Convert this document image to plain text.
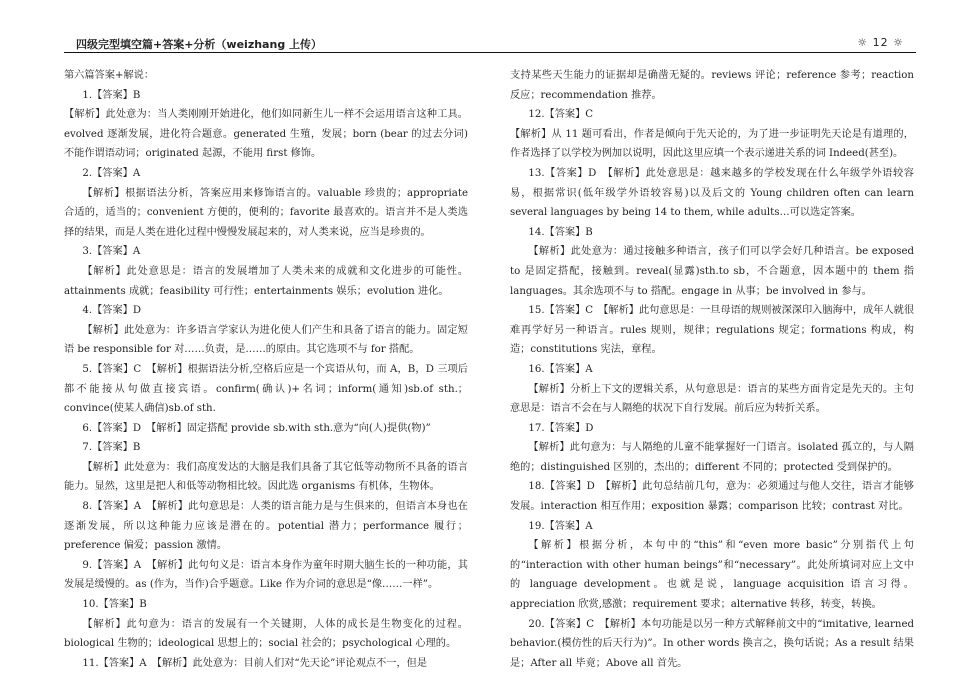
四级完型填空篇+答案+分析（weizhang 上传）	☼ 12 ☼

第六篇答案+解说：

1.【答案】B

【解析】此处意为：当人类刚刚开始进化，他们如同新生儿一样不会运用语言这种工具。evolved 逐渐发展，进化符合题意。generated 生殖，发展；born (bear 的过去分词)不能作谓语动词；originated 起源，不能用 first 修饰。

2.【答案】A

【解析】根据语法分析，答案应用来修饰语言的。valuable 珍贵的；appropriate 合适的，适当的；convenient 方便的，便利的；favorite 最喜欢的。语言并不是人类选择的结果，而是人类在进化过程中慢慢发展起来的，对人类来说，应当是珍贵的。

3.【答案】A

【解析】此处意思是：语言的发展增加了人类未来的成就和文化进步的可能性。attainments 成就；feasibility 可行性；entertainments 娱乐；evolution 进化。

4.【答案】D

【解析】此处意为：许多语言学家认为进化使人们产生和具备了语言的能力。固定短语 be responsible for 对……负责，是……的原由。其它选项不与 for 搭配。

5.【答案】C　【解析】根据语法分析,空格后应是一个宾语从句，而 A，B，D 三项后都不能接从句做直接宾语。confirm(确认)+名词；inform(通知)sb.of sth.；convince(使某人确信)sb.of sth.

6.【答案】D　【解析】固定搭配 provide sb.with sth.意为“向(人)提供(物)”

7.【答案】B

【解析】此处意为：我们高度发达的大脑是我们具备了其它低等动物所不具备的语言能力。显然，这里是把人和低等动物相比较。因此选 organisms 有机体，生物体。

8.【答案】A　【解析】此句意思是：人类的语言能力是与生俱来的，但语言本身也在逐渐发展，所以这种能力应该是潜在的。potential 潜力；performance 履行；preference 偏爱；passion 激情。

9.【答案】A　【解析】此句句义是：语言本身作为童年时期大脑生长的一种功能，其发展是缓慢的。as (作为，当作)合乎题意。Like 作为介词的意思是“像……一样”。

10.【答案】B

【解析】此句意为：语言的发展有一个关键期，人体的成长是生物变化的过程。biological 生物的；ideological 思想上的；social 社会的；psychological 心理的。

11.【答案】A　【解析】此处意为：目前人们对“先天论”评论观点不一，但是

支持某些天生能力的证据却是确凿无疑的。reviews 评论；reference 参考；reaction 反应；recommendation 推荐。

12.【答案】C

【解析】从 11 题可看出，作者是倾向于先天论的，为了进一步证明先天论是有道理的，作者选择了以学校为例加以说明，因此这里应填一个表示递进关系的词 Indeed(甚至)。

13.【答案】D　【解析】此处意思是：越来越多的学校发现在什么年级学外语较容易，根据常识(低年级学外语较容易)以及后文的 Young children often can learn several languages by being 14 to them, while adults…可以选定答案。

14.【答案】B

【解析】此处意为：通过接触多种语言，孩子们可以学会好几种语言。be exposed to 是固定搭配，接触到。reveal(显露)sth.to sb，不合题意，因本题中的 them 指 languages。其余选项不与 to 搭配。engage in 从事；be involved in 参与。

15.【答案】C　【解析】此句意思是：一旦母语的规则被深深印入脑海中，成年人就很难再学好另一种语言。rules 规则，规律；regulations 规定；formations 构成，构造；constitutions 宪法，章程。

16.【答案】A

【解析】分析上下文的逻辑关系，从句意思是：语言的某些方面肯定是先天的。主句意思是：语言不会在与人隔绝的状况下自行发展。前后应为转折关系。

17.【答案】D

【解析】此句意为：与人隔绝的儿童不能掌握好一门语言。isolated 孤立的，与人隔绝的；distinguished 区别的，杰出的；different 不同的；protected 受到保护的。

18.【答案】D　【解析】此句总结前几句，意为：必须通过与他人交往，语言才能够发展。interaction 相互作用；exposition 暴露；comparison 比较；contrast 对比。

19.【答案】A

【解析】根据分析，本句中的“this”和“even more basic”分别指代上句的“interaction with other human beings”和“necessary”。此处所填词对应上文中的 language development。也就是说，language acquisition 语言习得。appreciation 欣赏,感激；requirement 要求；alternative 转移，转变，转换。

20.【答案】C　【解析】本句功能是以另一种方式解释前文中的“imitative, learned behavior.(模仿性的后天行为)”。In other words 换言之，换句话说；As a result 结果是；After all 毕竟；Above all 首先。
